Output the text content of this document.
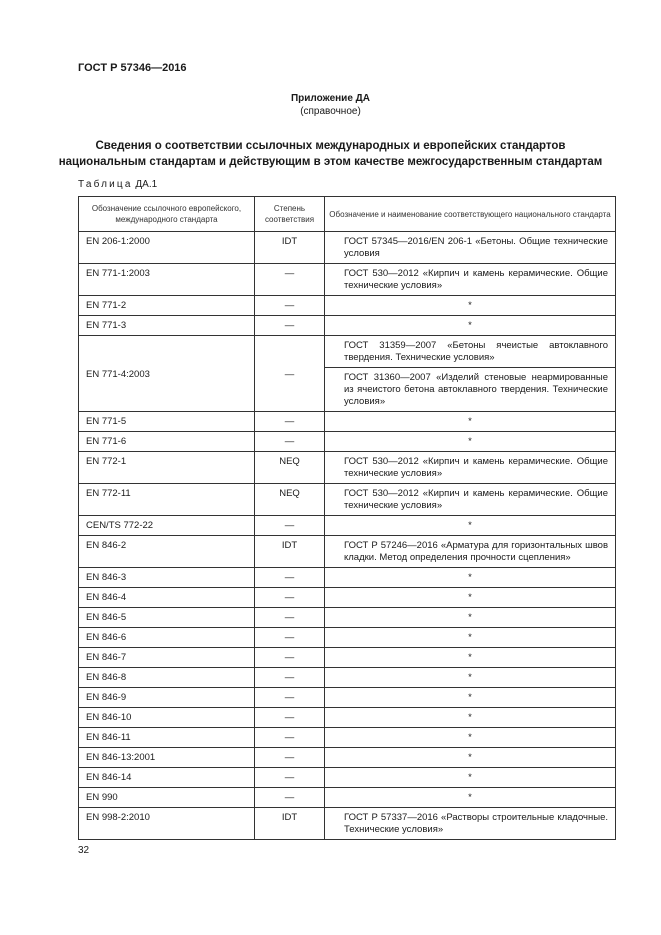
ГОСТ Р 57346—2016
Приложение ДА
(справочное)
Сведения о соответствии ссылочных международных и европейских стандартов
национальным стандартам и действующим в этом качестве межгосударственным стандартам
Таблица ДА.1
Обозначение ссылочного европейского, международного стандарта	Степень соответствия	Обозначение и наименование соответствующего национального стандарта
EN 206-1:2000	IDT	ГОСТ 57345—2016/EN 206-1 «Бетоны. Общие технические условия
EN 771-1:2003	—	ГОСТ 530—2012 «Кирпич и камень керамические. Общие технические условия»
EN 771-2	—	*
EN 771-3	—	*
EN 771-4:2003	—	ГОСТ 31359—2007 «Бетоны ячеистые автоклавного твердения. Технические условия»
		ГОСТ 31360—2007 «Изделий стеновые неармированные из ячеистого бетона автоклавного твердения. Технические условия»
EN 771-5	—	*
EN 771-6	—	*
EN 772-1	NEQ	ГОСТ 530—2012 «Кирпич и камень керамические. Общие технические условия»
EN 772-11	NEQ	ГОСТ 530—2012 «Кирпич и камень керамические. Общие технические условия»
CEN/TS 772-22	—	*
EN 846-2	IDT	ГОСТ Р 57246—2016 «Арматура для горизонтальных швов кладки. Метод определения прочности сцепления»
EN 846-3	—	*
EN 846-4	—	*
EN 846-5	—	*
EN 846-6	—	*
EN 846-7	—	*
EN 846-8	—	*
EN 846-9	—	*
EN 846-10	—	*
EN 846-11	—	*
EN 846-13:2001	—	*
EN 846-14	—	*
EN 990	—	*
EN 998-2:2010	IDT	ГОСТ Р 57337—2016 «Растворы строительные кладочные. Технические условия»
32
